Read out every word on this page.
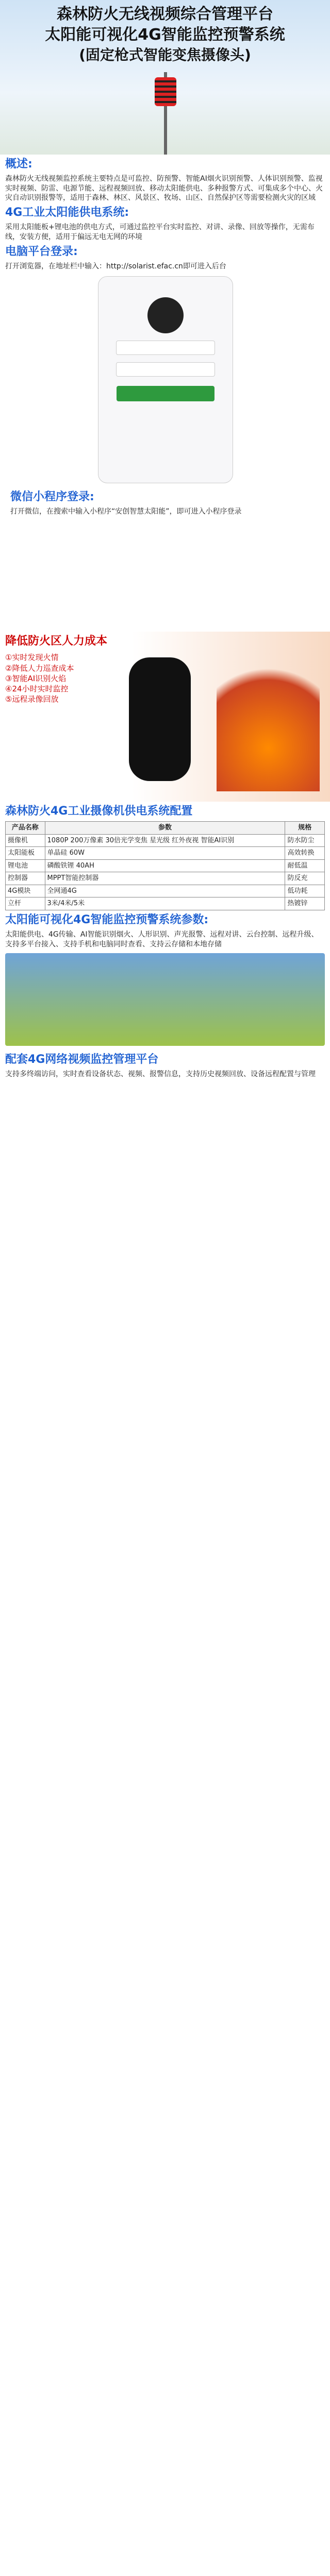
森林防火无线视频综合管理平台
太阳能可视化4G智能监控预警系统
(固定枪式智能变焦摄像头)
概述:

森林防火无线视频监控系统主要特点是可监控、防预警、智能AI烟火识别预警、人体识别预警、监视实时视频、防雷、电源节能、远程视频回放、移动太阳能供电、多种报警方式、可集成多个中心、火灾自动识别报警等，适用于森林、林区、风景区、牧场、山区、自然保护区等需要检测火灾的区域

4G工业太阳能供电系统:

采用太阳能板+锂电池的供电方式，可通过监控平台实时监控、对讲、录像、回放等操作，无需布线，安装方便，适用于偏远无电无网的环境

电脑平台登录:

打开浏览器，在地址栏中输入：http://solarist.efac.cn即可进入后台

微信小程序登录:

打开微信，在搜索中输入小程序“安创智慧太阳能”，即可进入小程序登录

降低防火区人力成本
①实时发现火情
②降低人力巡查成本
③智能AI识别火焰
④24小时实时监控
⑤远程录像回放
森林防火4G工业摄像机供电系统配置
产品名称	参数	规格
摄像机	1080P 200万像素 30倍光学变焦 星光级 红外夜视 智能AI识别	防水防尘
太阳能板	单晶硅 60W	高效转换
锂电池	磷酸铁锂 40AH	耐低温
控制器	MPPT智能控制器	防反充
4G模块	全网通4G	低功耗
立杆	3米/4米/5米	热镀锌
太阳能可视化4G智能监控预警系统参数:

太阳能供电、4G传输、AI智能识别烟火、人形识别、声光报警、远程对讲、云台控制、远程升级、支持多平台接入、支持手机和电脑同时查看、支持云存储和本地存储

配套4G网络视频监控管理平台

支持多终端访问，实时查看设备状态、视频、报警信息，支持历史视频回放、设备远程配置与管理
